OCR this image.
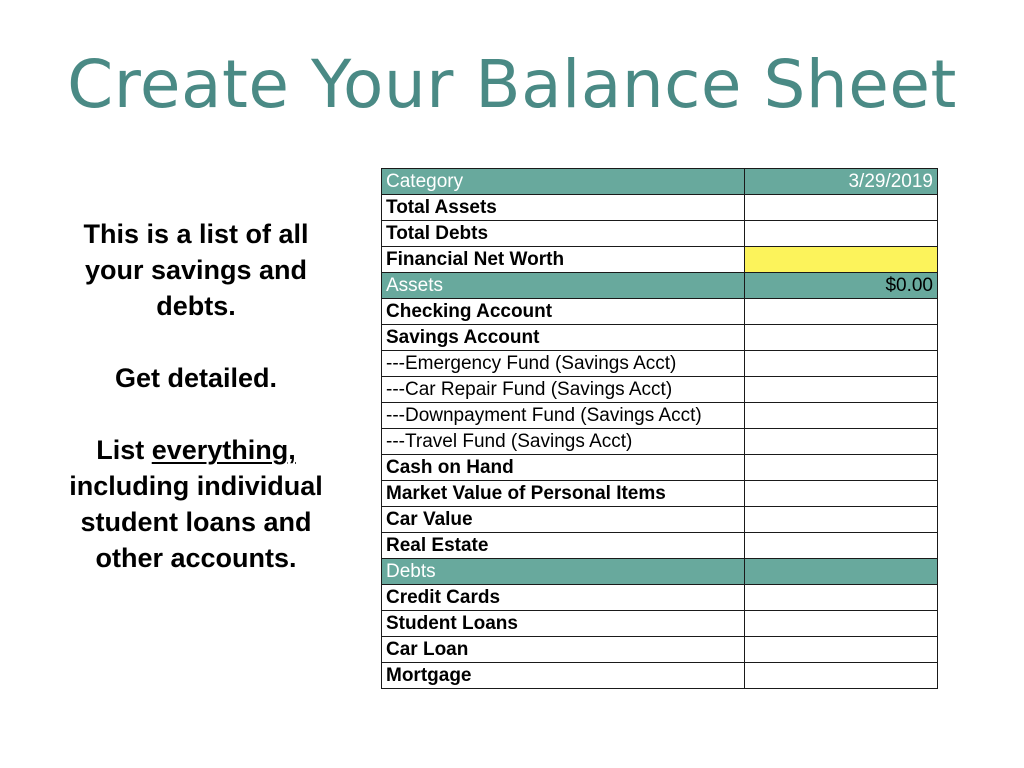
Create Your Balance Sheet

This is a list of all your savings and debts.

Get detailed.

List everything, including individual student loans and other accounts.

Category	3/29/2019
Total Assets	
Total Debts	
Financial Net Worth	
Assets	$0.00
Checking Account	
Savings Account	
---Emergency Fund (Savings Acct)	
---Car Repair Fund (Savings Acct)	
---Downpayment Fund (Savings Acct)	
---Travel Fund (Savings Acct)	
Cash on Hand	
Market Value of Personal Items	
Car Value	
Real Estate	
Debts	
Credit Cards	
Student Loans	
Car Loan	
Mortgage	
